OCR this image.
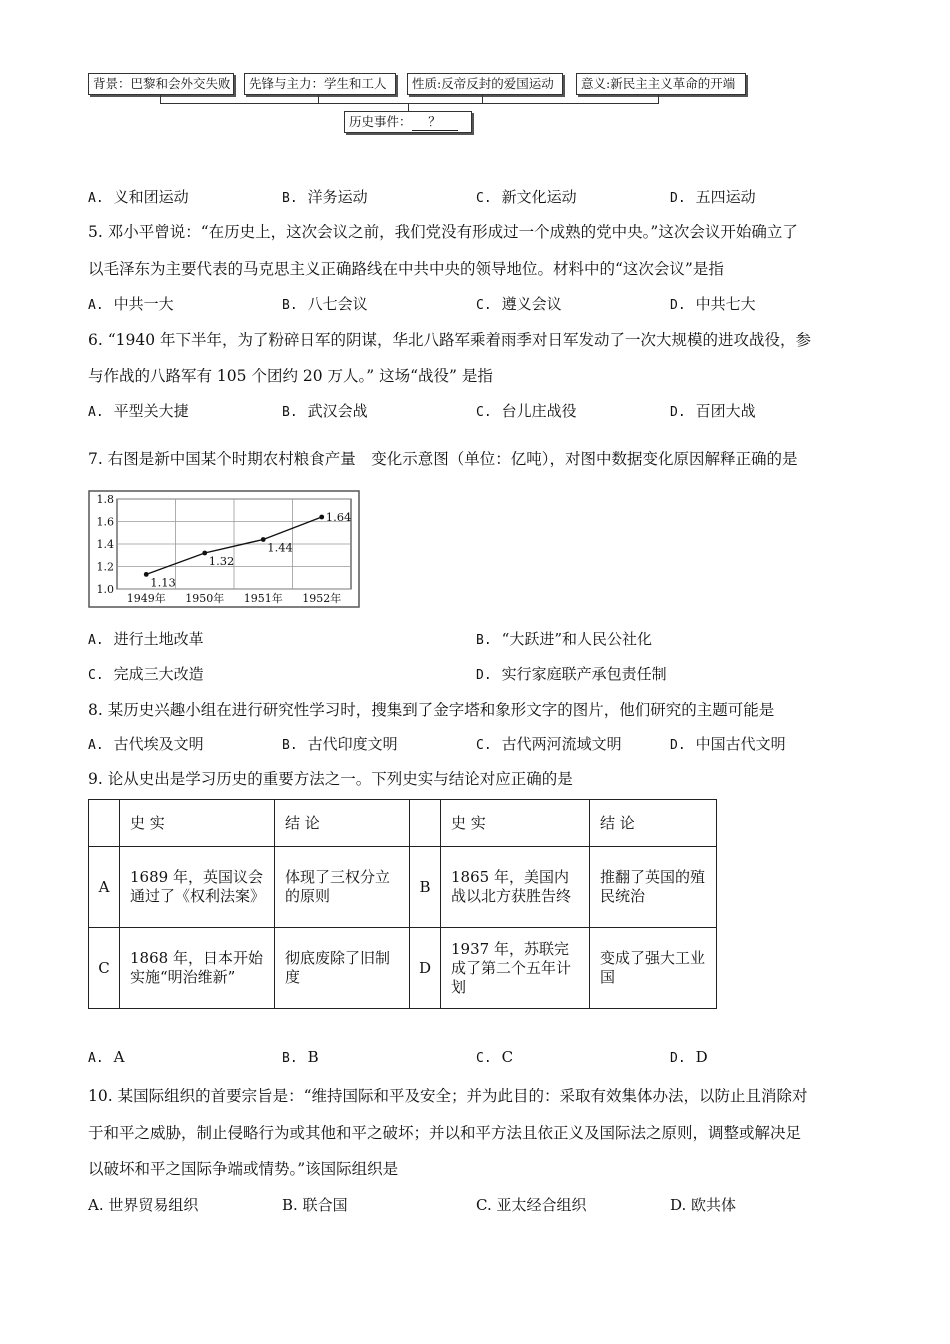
背景：巴黎和会外交失败	先锋与主力：学生和工人	性质:反帝反封的爱国运动	意义:新民主主义革命的开端
历史事件： ？
A. 义和团运动	B. 洋务运动	C. 新文化运动	D. 五四运动
5. 邓小平曾说：“在历史上，这次会议之前，我们党没有形成过一个成熟的党中央。”这次会议开始确立了
以毛泽东为主要代表的马克思主义正确路线在中共中央的领导地位。材料中的“这次会议”是指
A. 中共一大	B. 八七会议	C. 遵义会议	D. 中共七大
6. “1940 年下半年，为了粉碎日军的阴谋，华北八路军乘着雨季对日军发动了一次大规模的进攻战役，参
与作战的八路军有 105 个团约 20 万人。” 这场“战役” 是指
A. 平型关大捷	B. 武汉会战	C. 台儿庄战役	D. 百团大战
7. 右图是新中国某个时期农村粮食产量　变化示意图（单位：亿吨），对图中数据变化原因解释正确的是
1.0
1.2
1.4
1.6
1.8
1949年 1950年 1951年 1952年
1.13
1.32
1.44
1.64
A. 进行土地改革	B. “大跃进”和人民公社化
C. 完成三大改造	D. 实行家庭联产承包责任制
8. 某历史兴趣小组在进行研究性学习时，搜集到了金字塔和象形文字的图片，他们研究的主题可能是
A. 古代埃及文明	B. 古代印度文明	C. 古代两河流域文明	D. 中国古代文明
9. 论从史出是学习历史的重要方法之一。下列史实与结论对应正确的是
	史 实	结 论		史 实	结 论
A	1689 年，英国议会通过了《权利法案》	体现了三权分立的原则	B	1865 年，美国内战以北方获胜告终	推翻了英国的殖民统治
C	1868 年，日本开始实施“明治维新”	彻底废除了旧制度	D	1937 年，苏联完成了第二个五年计划	变成了强大工业国
A. A	B. B	C. C	D. D
10. 某国际组织的首要宗旨是：“维持国际和平及安全；并为此目的：采取有效集体办法，以防止且消除对
于和平之威胁，制止侵略行为或其他和平之破坏；并以和平方法且依正义及国际法之原则，调整或解决足
以破坏和平之国际争端或情势。”该国际组织是
A. 世界贸易组织	B. 联合国	C. 亚太经合组织	D. 欧共体
